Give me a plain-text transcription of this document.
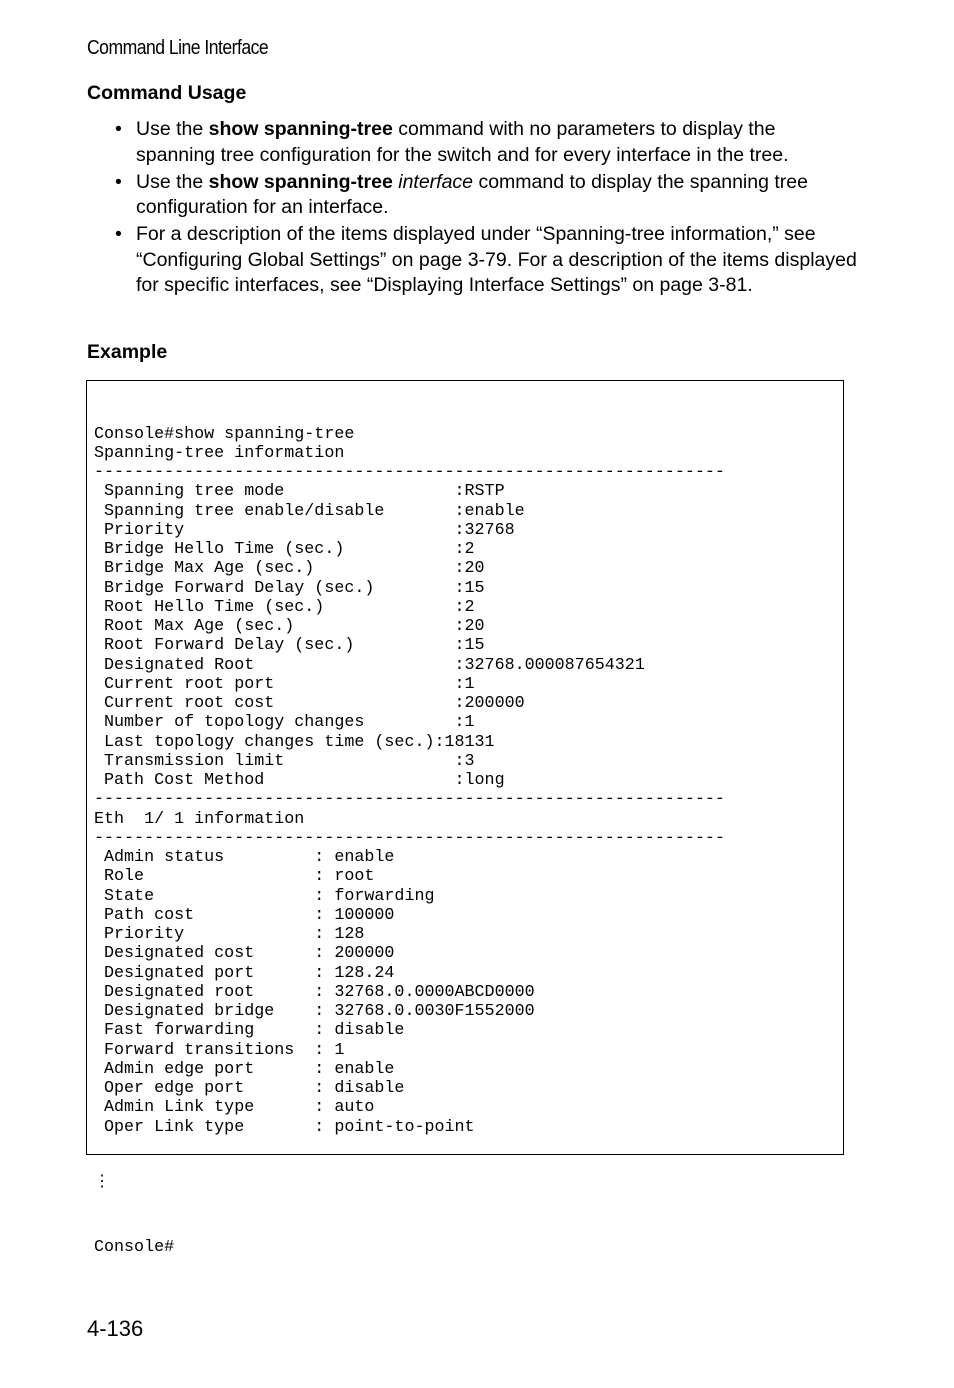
Command Line Interface
Command Usage
• Use the show spanning-tree command with no parameters to display the spanning tree configuration for the switch and for every interface in the tree.
• Use the show spanning-tree interface command to display the spanning tree configuration for an interface.
• For a description of the items displayed under “Spanning-tree information,” see “Configuring Global Settings” on page 3-79. For a description of the items displayed for specific interfaces, see “Displaying Interface Settings” on page 3-81.
Example

Console#show spanning-tree
Spanning-tree information
---------------------------------------------------------------
Spanning tree mode                 :RSTP
Spanning tree enable/disable       :enable
Priority                           :32768
Bridge Hello Time (sec.)           :2
Bridge Max Age (sec.)              :20
Bridge Forward Delay (sec.)        :15
Root Hello Time (sec.)             :2
Root Max Age (sec.)                :20
Root Forward Delay (sec.)          :15
Designated Root                    :32768.000087654321
Current root port                  :1
Current root cost                  :200000
Number of topology changes         :1
Last topology changes time (sec.):18131
Transmission limit                 :3
Path Cost Method                   :long
---------------------------------------------------------------
Eth  1/ 1 information
---------------------------------------------------------------
Admin status         : enable
Role                 : root
State                : forwarding
Path cost            : 100000
Priority             : 128
Designated cost      : 200000
Designated port      : 128.24
Designated root      : 32768.0.0000ABCD0000
Designated bridge    : 32768.0.0030F1552000
Fast forwarding      : disable
Forward transitions  : 1
Admin edge port      : enable
Oper edge port       : disable
Admin Link type      : auto
Oper Link type       : point-to-point

⋮

Console#

4-136
